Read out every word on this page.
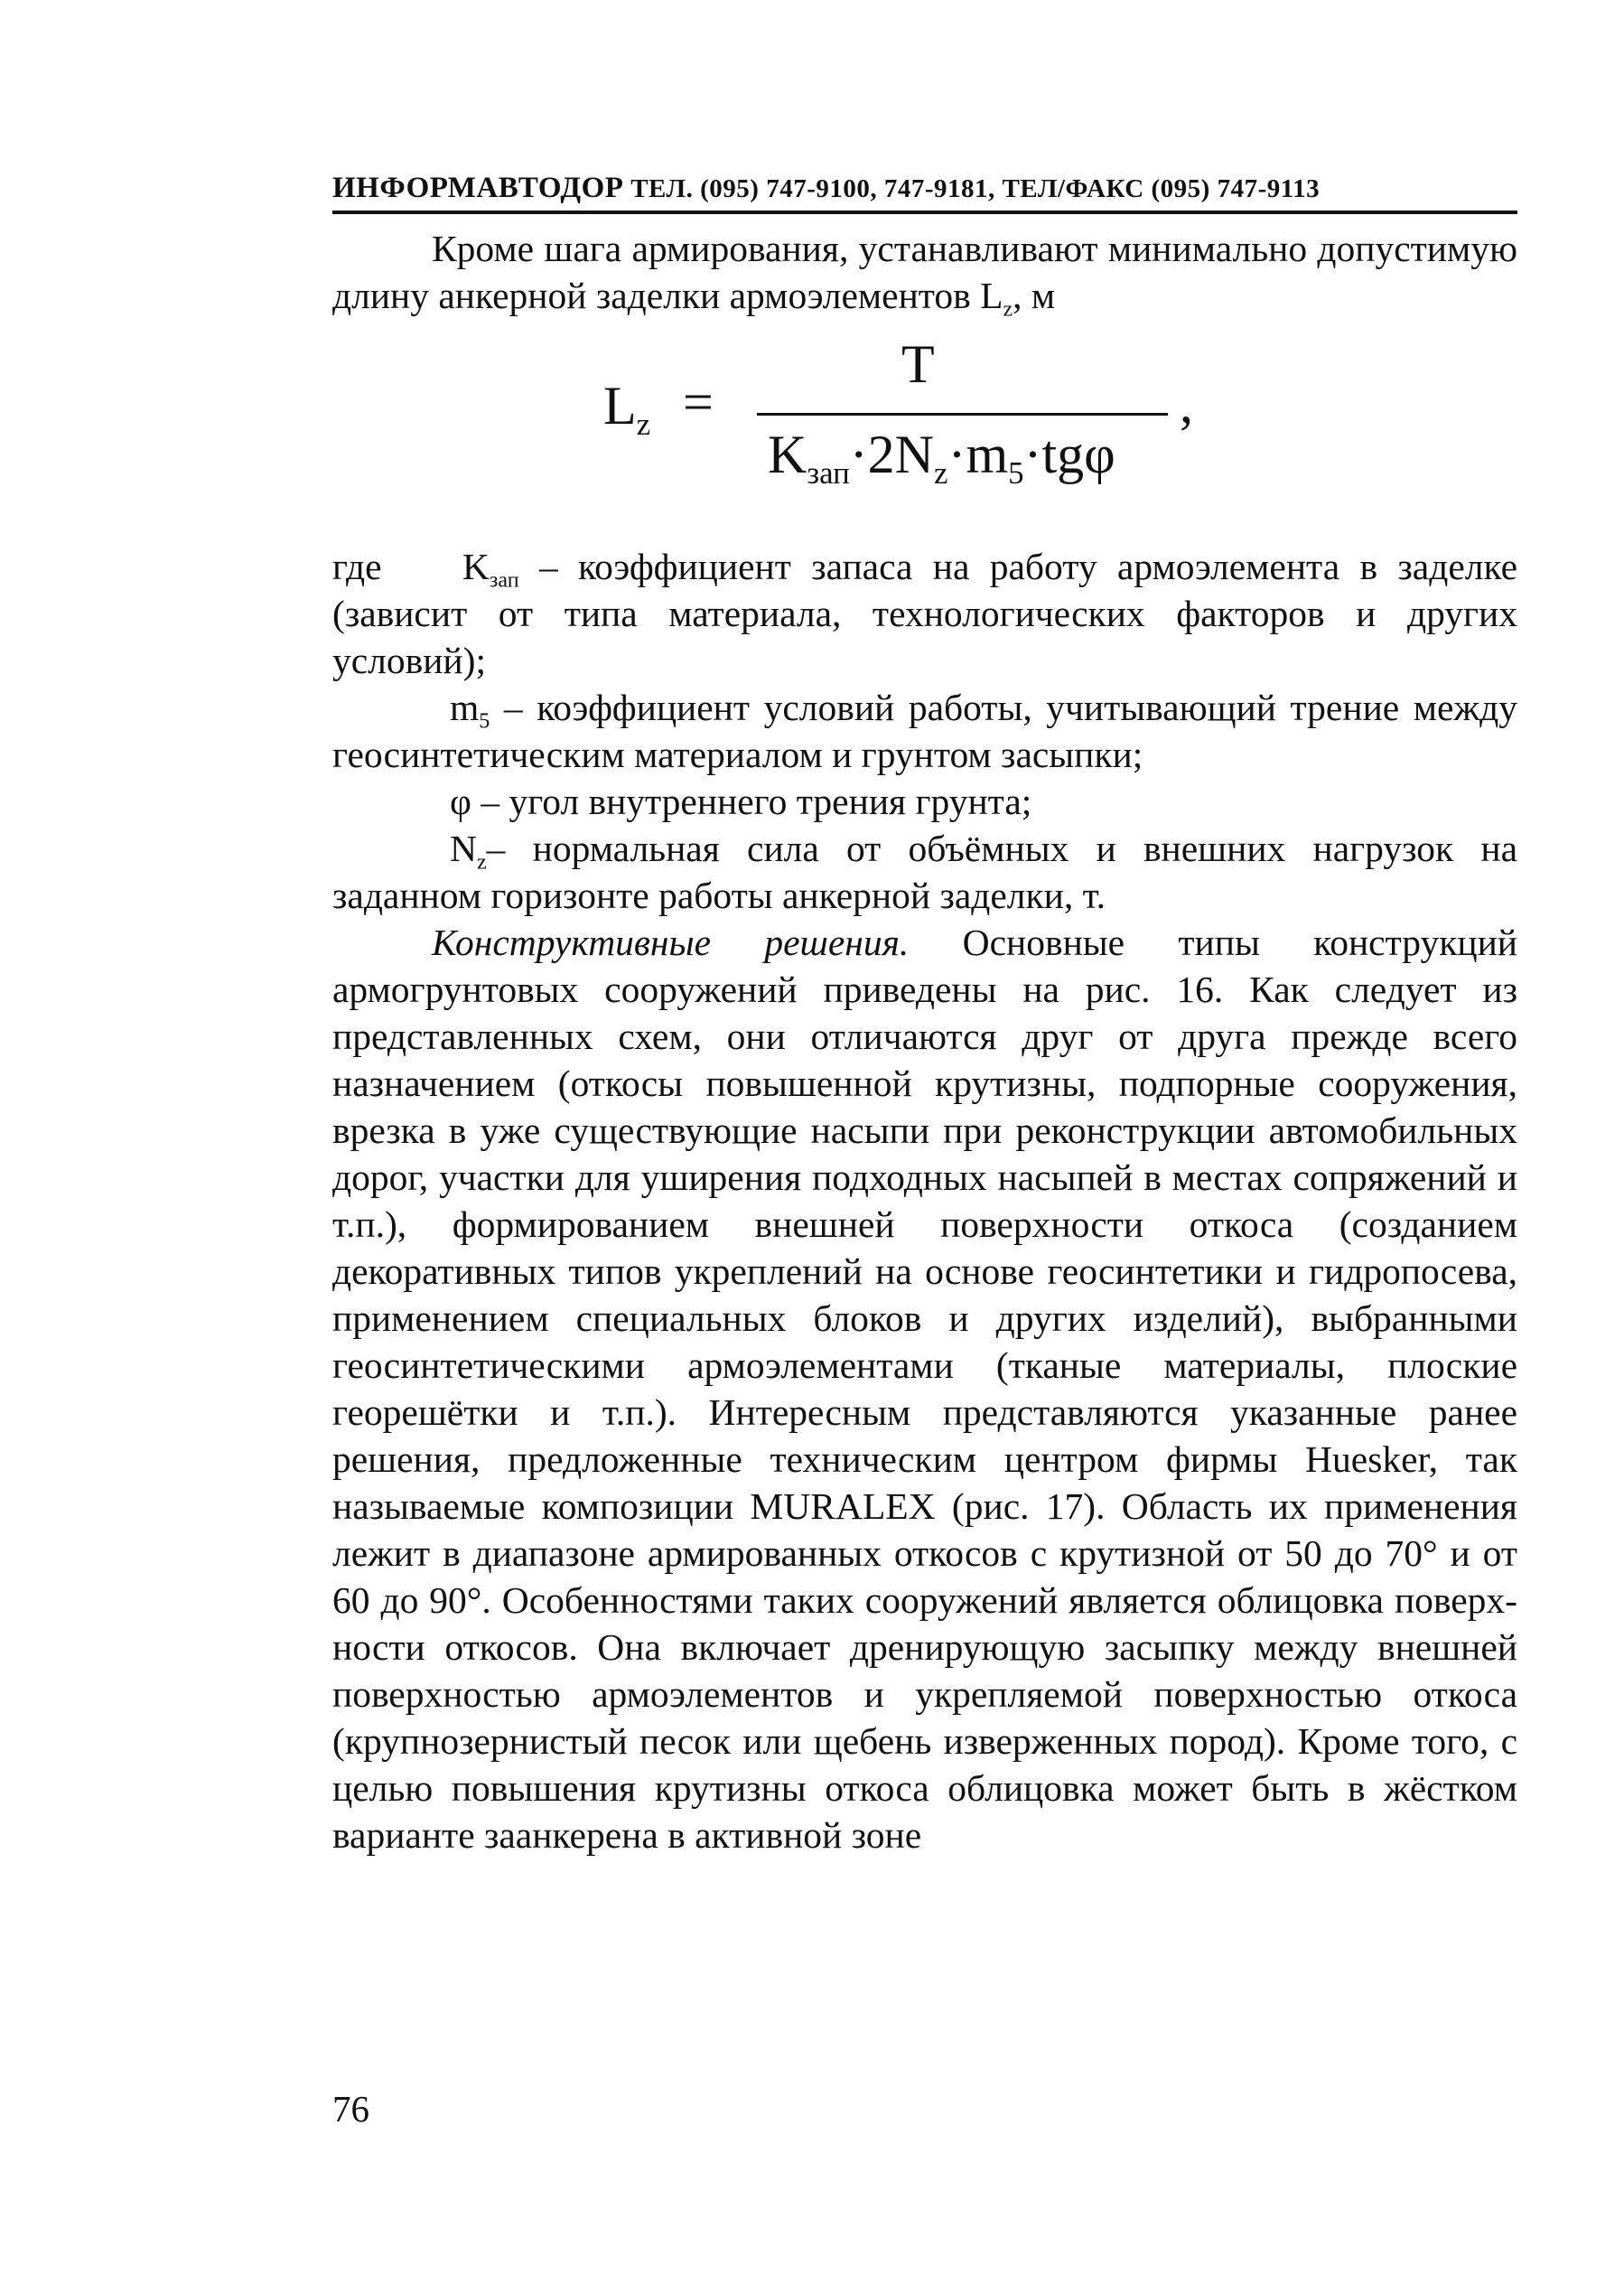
ИНФОРМАВТОДОР ТЕЛ. (095) 747-9100, 747-9181, ТЕЛ/ФАКС (095) 747-9113

Кроме шага армирования, устанавливают минимально допустимую длину анкерной заделки армоэлементов $L_z$, м

$L_z$ =
T
$K_{зап}\cdot 2N_z\cdot m_5\cdot tg\varphi$
,

где $K_{зап}$ – коэффициент запаса на работу армоэлемента в заделке (зависит от типа материала, технологических факторов и других условий);

$m_5$ – коэффициент условий работы, учитывающий трение между геосинтетическим материалом и грунтом засыпки;

φ – угол внутреннего трения грунта;

$N_z-$ нормальная сила от объёмных и внешних нагрузок на заданном горизонте работы анкерной заделки, т.

Конструктивные решения. Основные типы конструкций армогрунтовых сооружений приведены на рис. 16. Как следует из представленных схем, они отличаются друг от друга прежде всего назначением (откосы повышенной крутизны, подпорные сооружения, врезка в уже существующие насыпи при реконструкции автомобильных дорог, участки для уширения подходных насыпей в местах сопряжений и т.п.), формированием внешней поверхности откоса (созданием декоративных типов укреплений на основе геосинтетики и гидропосева, применением специальных блоков и других изделий), выбранными геосинтетическими армоэлементами (тканые материалы, плоские георешётки и т.п.). Интересным представляются указанные ранее решения, предложенные техническим центром фирмы Huesker, так называемые композиции MURALEX (рис. 17). Область их применения лежит в диапазоне армированных откосов с крутизной от 50 до 70° и от 60 до 90°. Особенностями таких сооружений является облицовка поверхности откосов. Она включает дренирующую засыпку между внешней поверхностью армоэлементов и укрепляемой поверхностью откоса (крупнозернистый песок или щебень изверженных пород). Кроме того, с целью повышения крутизны откоса облицовка может быть в жёстком варианте заанкерена в активной зоне

76
